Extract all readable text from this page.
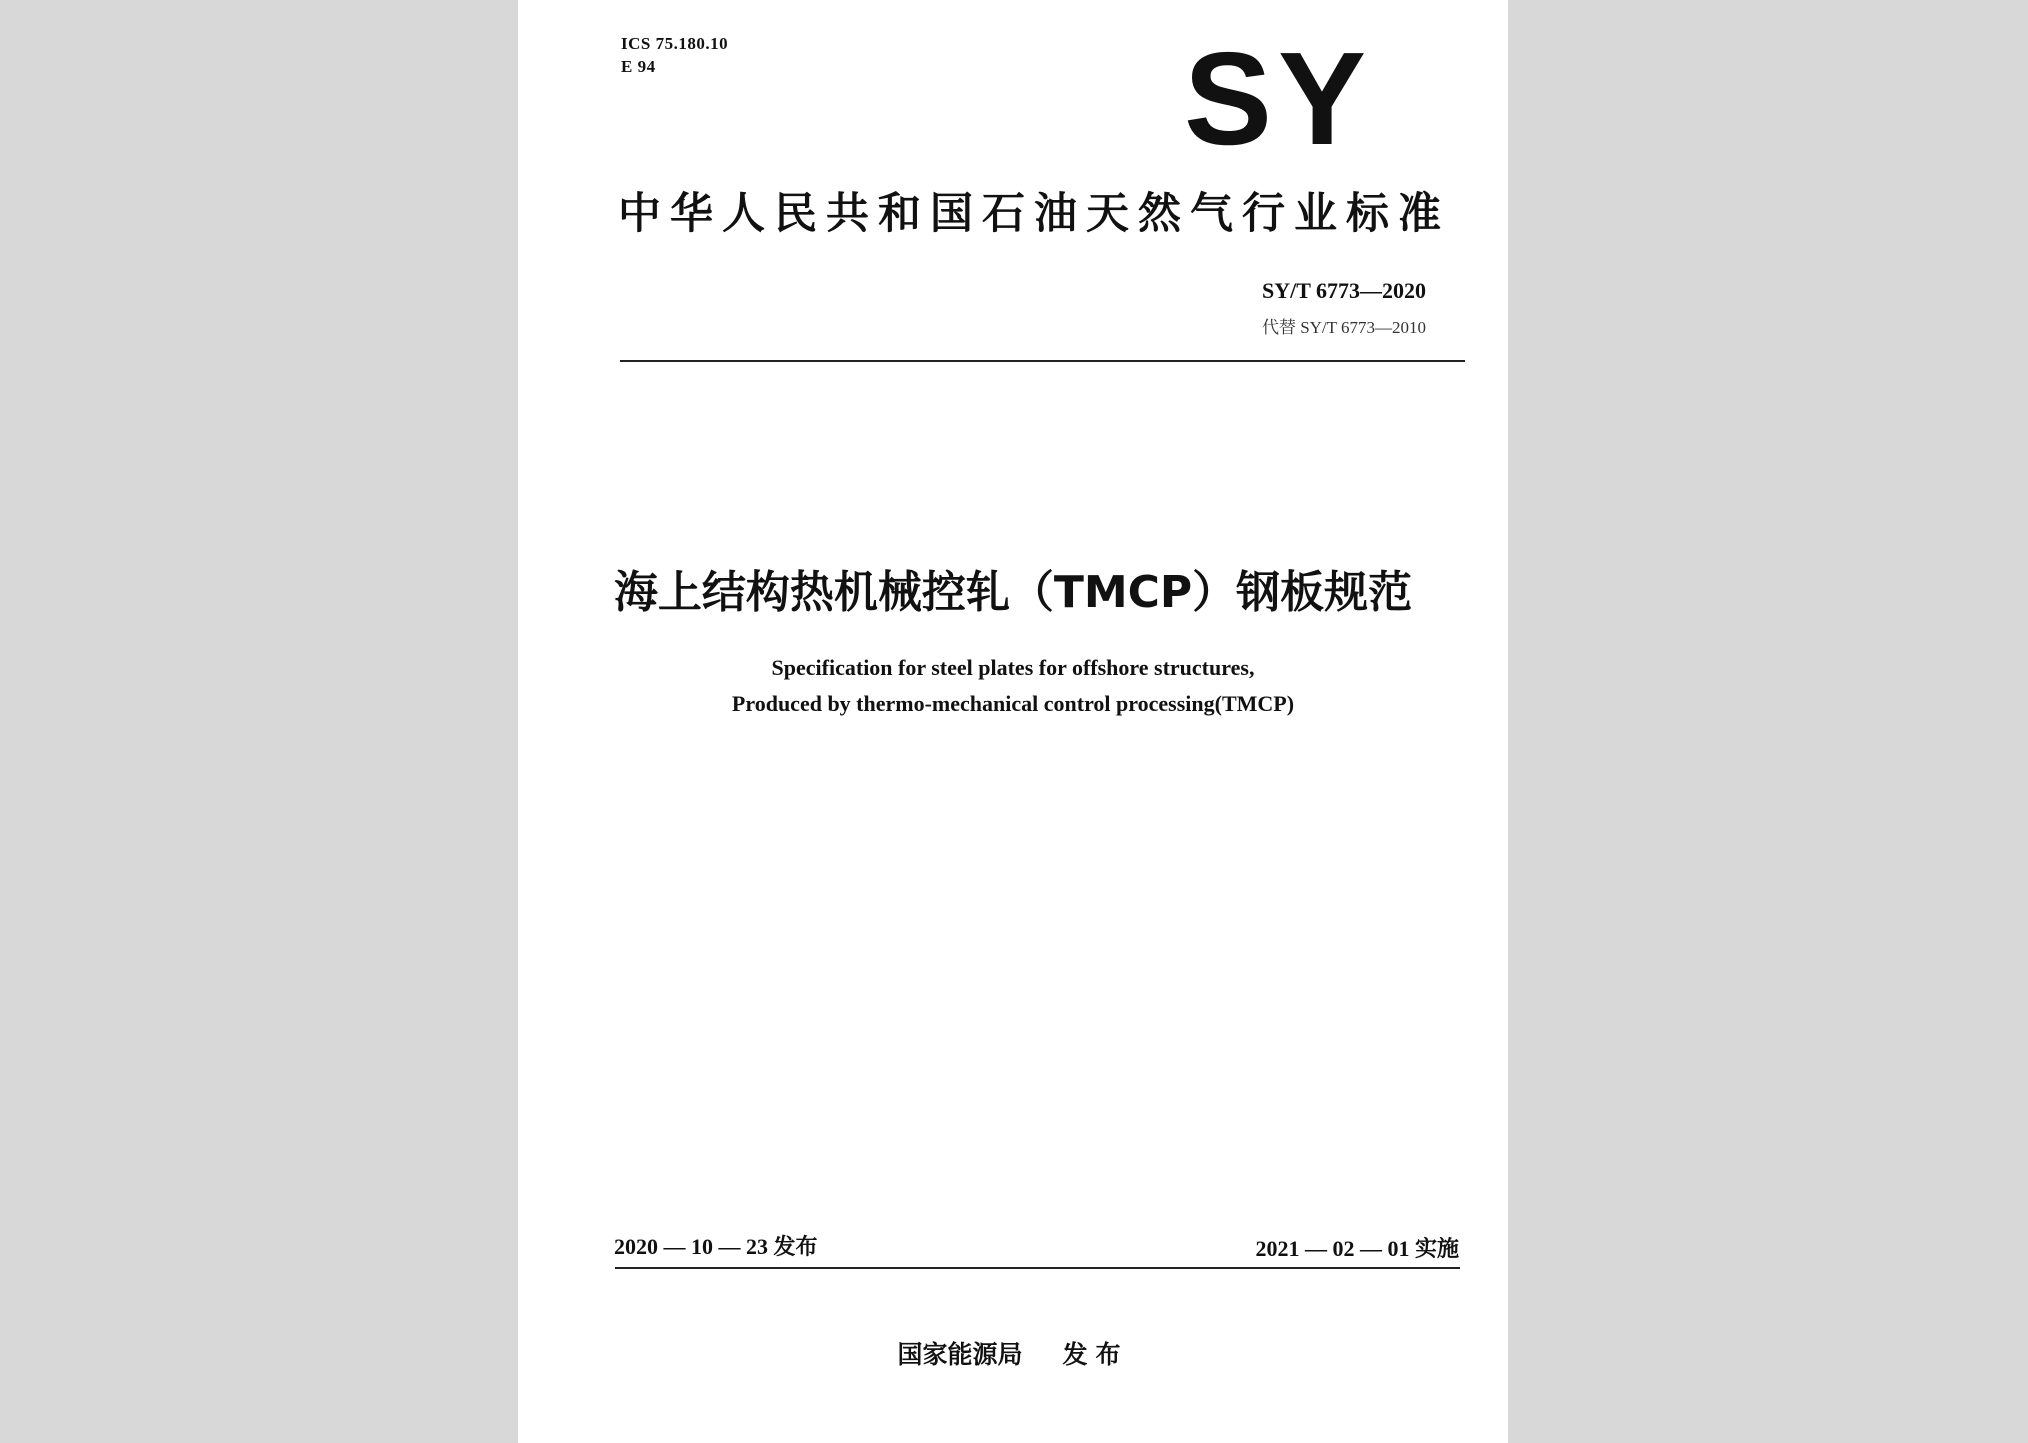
ICS 75.180.10
E 94	SY
中华人民共和国石油天然气行业标准
SY/T 6773—2020
代替 SY/T 6773—2010
海上结构热机械控轧（TMCP）钢板规范
Specification for steel plates for offshore structures,
Produced by thermo-mechanical control processing(TMCP)
2020 — 10 — 23 发布	2021 — 02 — 01 实施
国家能源局 发布
